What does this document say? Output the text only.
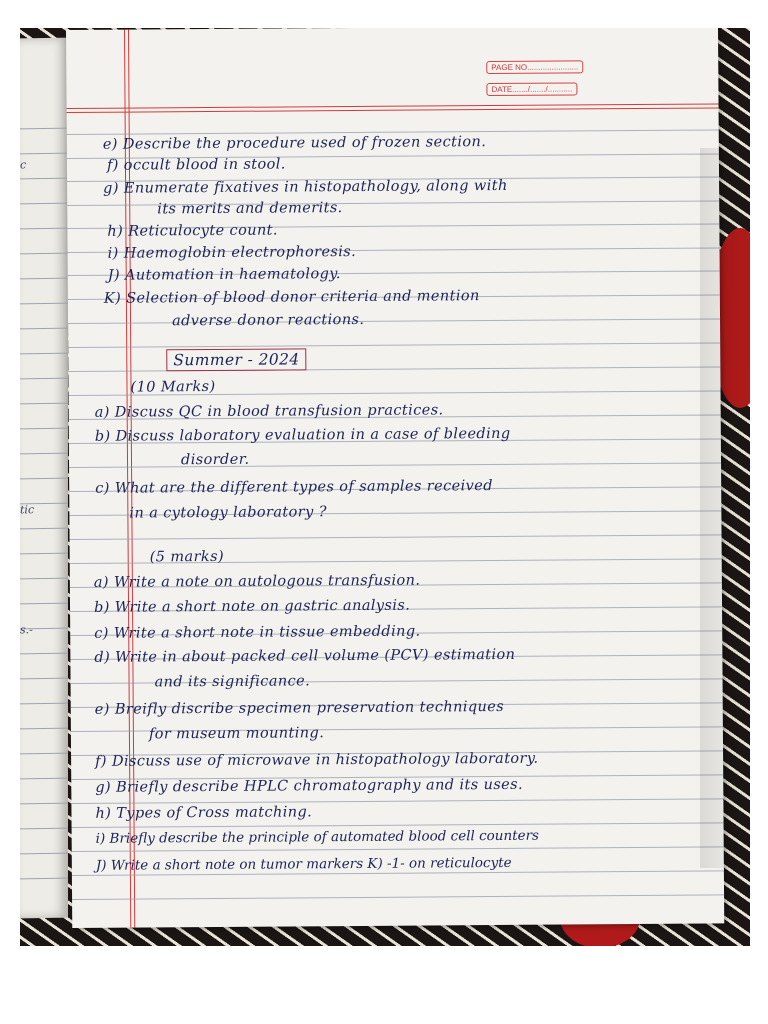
c
tic
s.-
PAGE NO.......................
DATE......./......./...........
e) Describe the procedure used of frozen section.
f) occult blood in stool.
g) Enumerate fixatives in histopathology, along with
its merits and demerits.
h) Reticulocyte count.
i) Haemoglobin electrophoresis.
J) Automation in haematology.
K) Selection of blood donor criteria and mention
adverse donor reactions.
Summer - 2024
(10 Marks)
a) Discuss QC in blood transfusion practices.
b) Discuss laboratory evaluation in a case of bleeding
disorder.
c) What are the different types of samples received
in a cytology laboratory ?
(5 marks)
a) Write a note on autologous transfusion.
b) Write a short note on gastric analysis.
c) Write a short note in tissue embedding.
d) Write in about packed cell volume (PCV) estimation
and its significance.
e) Breifly discribe specimen preservation techniques
for museum mounting.
f) Discuss use of microwave in histopathology laboratory.
g) Briefly describe HPLC chromatography and its uses.
h) Types of Cross matching.
i) Briefly describe the principle of automated blood cell counters
J) Write a short note on tumor markers K) -1- on reticulocyte
